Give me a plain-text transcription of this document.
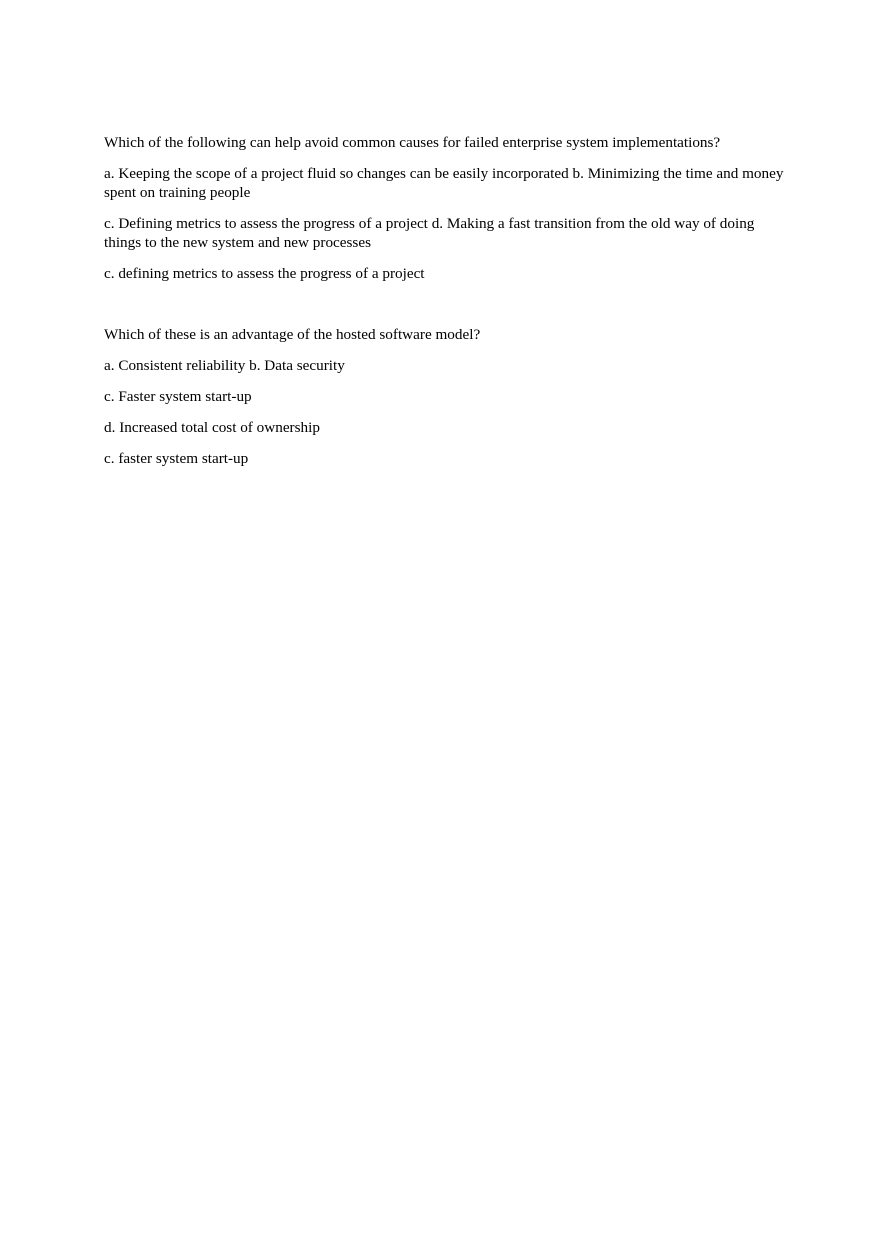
Which of the following can help avoid common causes for failed enterprise system implementations?

a. Keeping the scope of a project fluid so changes can be easily incorporated b. Minimizing the time and money spent on training people

c. Defining metrics to assess the progress of a project d. Making a fast transition from the old way of doing things to the new system and new processes

c. defining metrics to assess the progress of a project

Which of these is an advantage of the hosted software model?

a. Consistent reliability b. Data security

c. Faster system start-up

d. Increased total cost of ownership

c. faster system start-up
